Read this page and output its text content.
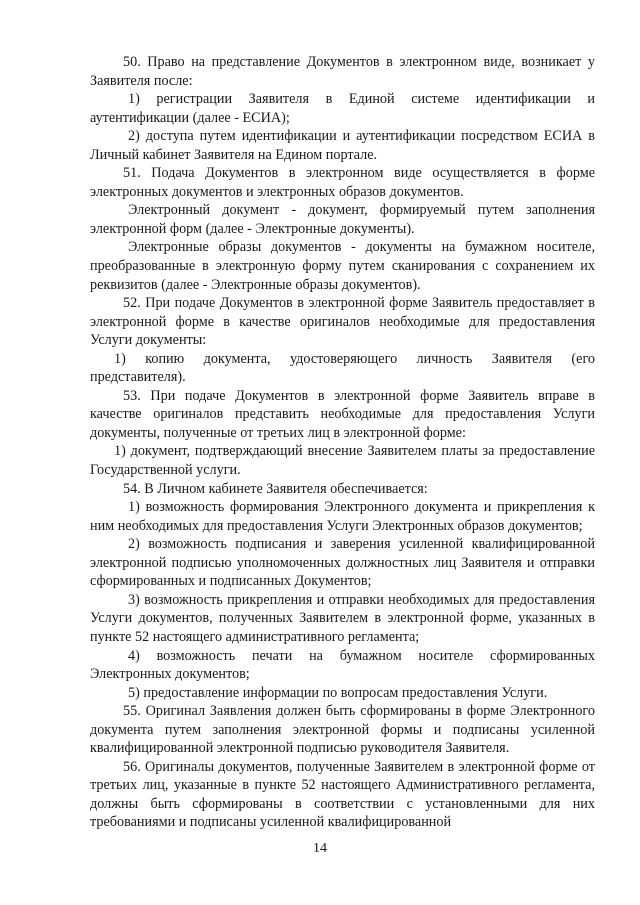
50. Право на представление Документов в электронном виде, возникает у Заявителя после:

1) регистрации Заявителя в Единой системе идентификации и аутентификации (далее - ЕСИА);

2) доступа путем идентификации и аутентификации посредством ЕСИА в Личный кабинет Заявителя на Едином портале.

51. Подача Документов в электронном виде осуществляется в форме электронных документов и электронных образов документов.

Электронный документ - документ, формируемый путем заполнения электронной форм (далее - Электронные документы).

Электронные образы документов - документы на бумажном носителе, преобразованные в электронную форму путем сканирования с сохранением их реквизитов (далее - Электронные образы документов).

52. При подаче Документов в электронной форме Заявитель предоставляет в электронной форме в качестве оригиналов необходимые для предоставления Услуги документы:

1) копию документа, удостоверяющего личность Заявителя (его представителя).

53. При подаче Документов в электронной форме Заявитель вправе в качестве оригиналов представить необходимые для предоставления Услуги документы, полученные от третьих лиц в электронной форме:

1) документ, подтверждающий внесение Заявителем платы за предоставление Государственной услуги.

54. В Личном кабинете Заявителя обеспечивается:

1) возможность формирования Электронного документа и прикрепления к ним необходимых для предоставления Услуги Электронных образов документов;

2) возможность подписания и заверения усиленной квалифицированной электронной подписью уполномоченных должностных лиц Заявителя и отправки сформированных и подписанных Документов;

3) возможность прикрепления и отправки необходимых для предоставления Услуги документов, полученных Заявителем в электронной форме, указанных в пункте 52 настоящего административного регламента;

4) возможность печати на бумажном носителе сформированных Электронных документов;

5) предоставление информации по вопросам предоставления Услуги.

55. Оригинал Заявления должен быть сформированы в форме Электронного документа путем заполнения электронной формы и подписаны усиленной квалифицированной электронной подписью руководителя Заявителя.

56. Оригиналы документов, полученные Заявителем в электронной форме от третьих лиц, указанные в пункте 52 настоящего Административного регламента, должны быть сформированы в соответствии с установленными для них требованиями и подписаны усиленной квалифицированной

14
